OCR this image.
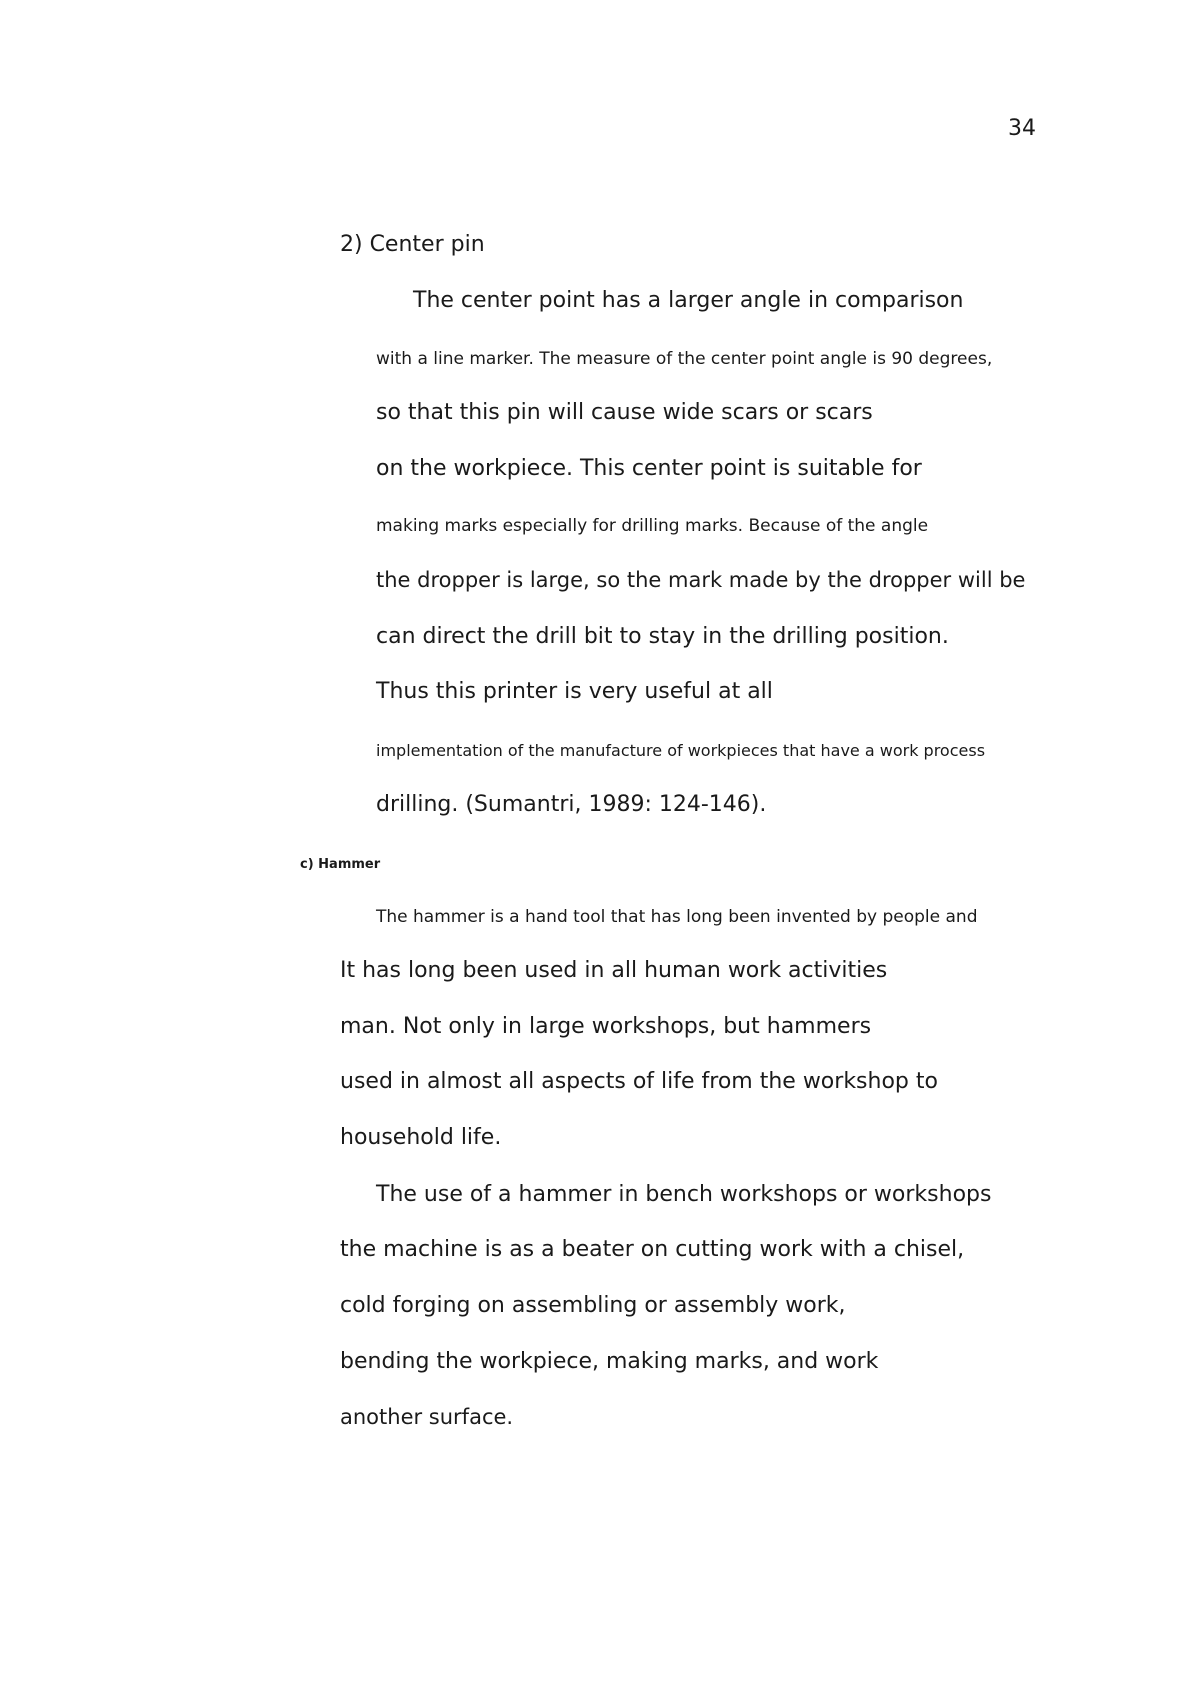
34
2) Center pin
The center point has a larger angle in comparison
with a line marker. The measure of the center point angle is 90 degrees,
so that this pin will cause wide scars or scars
on the workpiece. This center point is suitable for
making marks especially for drilling marks. Because of the angle
the dropper is large, so the mark made by the dropper will be
can direct the drill bit to stay in the drilling position.
Thus this printer is very useful at all
implementation of the manufacture of workpieces that have a work process
drilling. (Sumantri, 1989: 124-146).
c) Hammer
The hammer is a hand tool that has long been invented by people and
It has long been used in all human work activities
man. Not only in large workshops, but hammers
used in almost all aspects of life from the workshop to
household life.
The use of a hammer in bench workshops or workshops
the machine is as a beater on cutting work with a chisel,
cold forging on assembling or assembly work,
bending the workpiece, making marks, and work
another surface.
